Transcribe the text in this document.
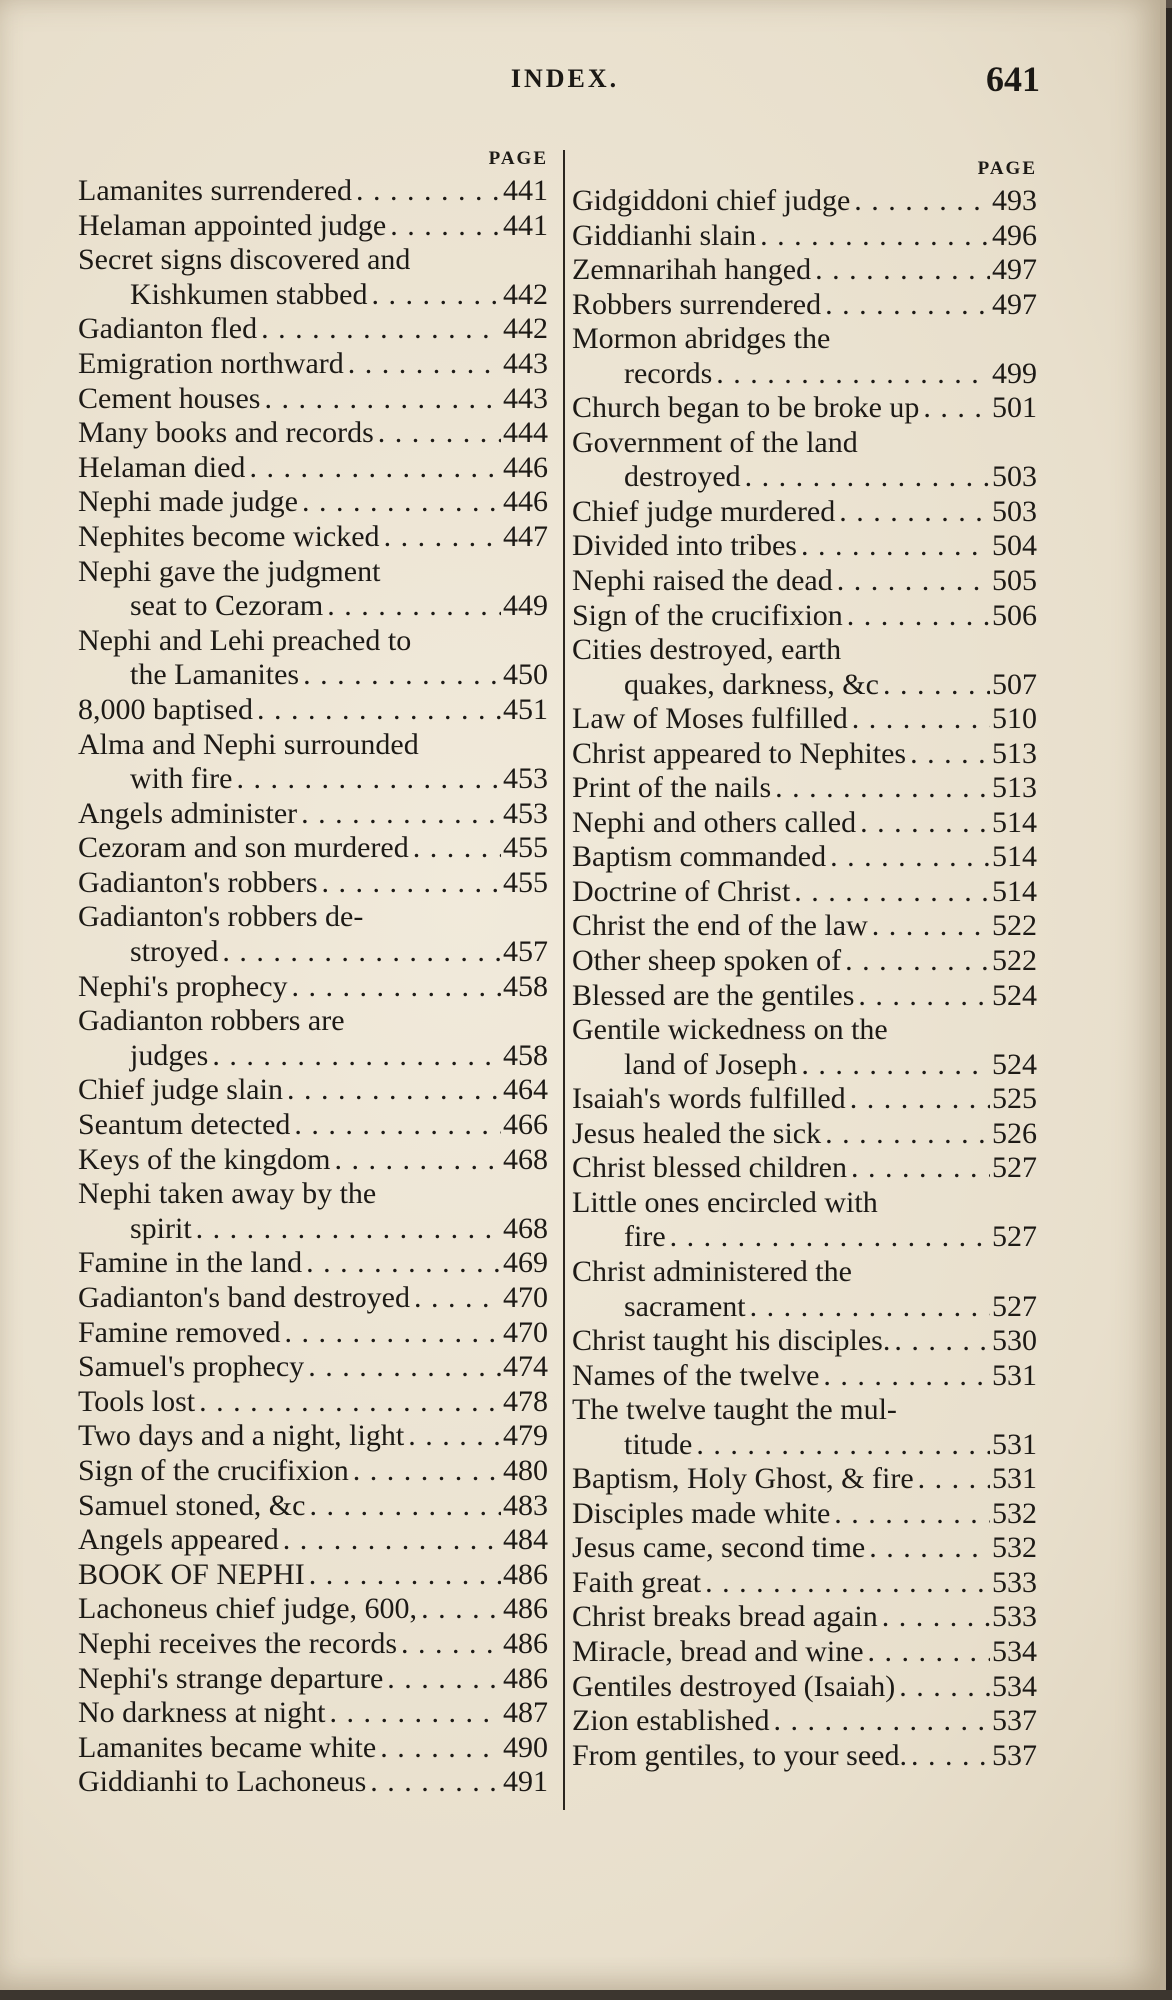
INDEX.	641
PAGE
Lamanites surrendered . . .	441
Helaman appointed judge . . .	441
Secret signs discovered and
Kishkumen stabbed . . .	442
Gadianton fled . . .	442
Emigration northward . . .	443
Cement houses . . .	443
Many books and records . . .	444
Helaman died . . .	446
Nephi made judge . . .	446
Nephites become wicked . . .	447
Nephi gave the judgment
seat to Cezoram . . .	449
Nephi and Lehi preached to
the Lamanites . . .	450
8,000 baptised . . .	451
Alma and Nephi surrounded
with fire . . .	453
Angels administer . . .	453
Cezoram and son murdered . . .	455
Gadianton's robbers . . .	455
Gadianton's robbers de-
stroyed . . .	457
Nephi's prophecy . . .	458
Gadianton robbers are
judges . . .	458
Chief judge slain . . .	464
Seantum detected . . .	466
Keys of the kingdom . . .	468
Nephi taken away by the
spirit . . .	468
Famine in the land . . .	469
Gadianton's band destroyed . . .	470
Famine removed . . .	470
Samuel's prophecy . . .	474
Tools lost . . .	478
Two days and a night, light . . .	479
Sign of the crucifixion . . .	480
Samuel stoned, &c . . .	483
Angels appeared . . .	484
BOOK OF NEPHI . . .	486
Lachoneus chief judge, 600, . . .	486
Nephi receives the records . . .	486
Nephi's strange departure . . .	486
No darkness at night . . .	487
Lamanites became white . . .	490
Giddianhi to Lachoneus . . .	491
PAGE
Gidgiddoni chief judge . . .	493
Giddianhi slain . . .	496
Zemnarihah hanged . . .	497
Robbers surrendered . . .	497
Mormon abridges the
records . . .	499
Church began to be broke up . . . 501
Government of the land
destroyed . . .	503
Chief judge murdered . . .	503
Divided into tribes . . .	504
Nephi raised the dead . . .	505
Sign of the crucifixion . . .	506
Cities destroyed, earth
quakes, darkness, &c . . .	507
Law of Moses fulfilled . . .	510
Christ appeared to Nephites . . .	513
Print of the nails . . .	513
Nephi and others called . . .	514
Baptism commanded . . .	514
Doctrine of Christ . . .	514
Christ the end of the law . . .	522
Other sheep spoken of . . .	522
Blessed are the gentiles . . .	524
Gentile wickedness on the
land of Joseph . . .	524
Isaiah's words fulfilled . . .	525
Jesus healed the sick . . .	526
Christ blessed children . . .	527
Little ones encircled with
fire . . .	527
Christ administered the
sacrament . . .	527
Christ taught his disciples. . . .	530
Names of the twelve . . .	531
The twelve taught the mul-
titude . . .	531
Baptism, Holy Ghost, & fire . . .	531
Disciples made white . . .	532
Jesus came, second time . . .	532
Faith great . . .	533
Christ breaks bread again . . .	533
Miracle, bread and wine . . .	534
Gentiles destroyed (Isaiah) . . .	534
Zion established . . .	537
From gentiles, to your seed. . . .	537
